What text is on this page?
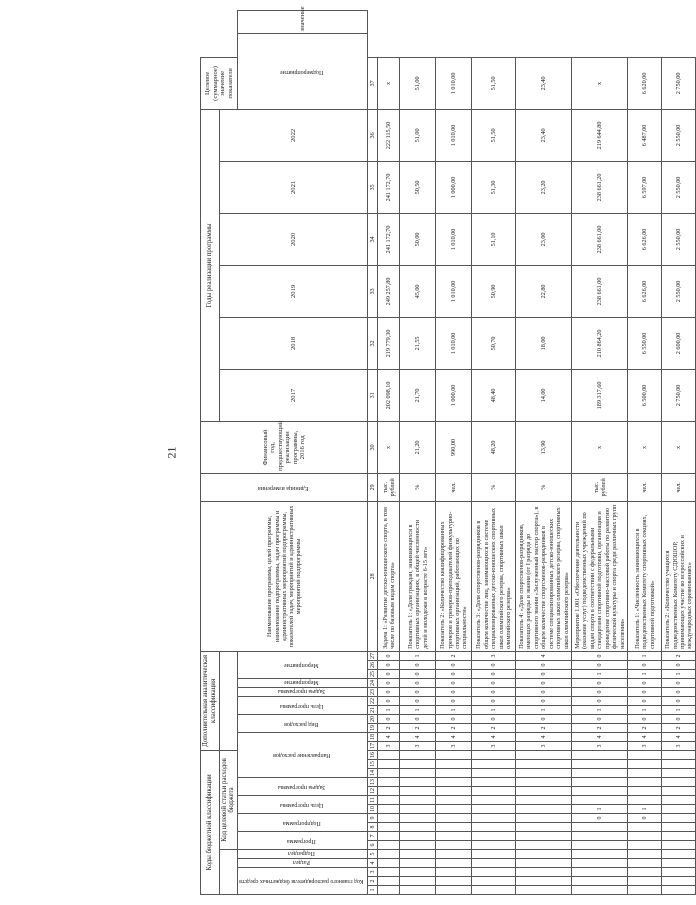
21
Коды бюджетной классификации																Дополнительная аналитическая классификация											Наименование программы, целей программы, наименование подпрограммы, задач программы и административных мероприятий подпрограммы, показателей задач, мероприятий и административных мероприятий подпрограммы	Единица измерения	Финансовый год, предшествующий реализации программы, 2016 год	Годы реализации программы						Целевое (суммарное) значение показателя	
					Код целевой статьи расходов бюджета																									2017	2018	2019	2020	2021	2022		
Код главного распорядителя бюджетных средств			Раздел	Подраздел	Программа		Подпрограмма		Цель программы		Задача программы		Направление расходов					Вид расходов		Цель программы		Задача программы	Мероприятие	Мероприятие												Подмероприятие	значение
1	2	3	4	5	6	7	8	9	10	11	12	13	14	15	16	17	18	19	20	21	22	23	24	25	26	27	28	29	30	31	32	33	34	35	36	37	
																3	4	2	0	1	0	0	0	0	0	0	Задача 1: «Развитие детско-юношеского спорта, в том числе по базовым видам спорта»	тыс. рублей	х	202 098,10	219 779,30	249 257,80	241 172,70	241 172,70	222 115,50	х	
																3	4	2	0	1	0	0	0	0	0	1	Показатель 1: «Доля граждан, занимающихся в спортивных организациях, в общей численности детей и молодежи в возрасте 6-15 лет»	%	21,20	21,70	21,55	45,00	50,00	50,50	51,00	51,00	
																3	4	2	0	1	0	0	0	0	0	2	Показатель 2: «Количество квалифицированных тренеров и тренеров-преподавателей физкультурно-спортивных организаций, работающих по специальности»	чел.	990,00	1 000,00	1 010,00	1 010,00	1 010,00	1 000,00	1 010,00	1 010,00	
																3	4	2	0	1	0	0	0	0	0	3	Показатель 3: «Доля спортсменов-разрядников в общем количестве лиц, занимающихся в системе специализированных детско-юношеских спортивных школ олимпийского резерва, спортивных школ олимпийского резерва»	%	48,20	48,40	50,70	50,90	51,10	51,30	51,50	51,50	
																3	4	2	0	1	0	0	0	0	0	4	Показатель 4: «Доля спортсменов-разрядников, имеющих разряды и звания (от I разряда до спортивного звания «Заслуженный мастер спорта»), в общем количестве спортсменов-разрядников в системе специализированных детско-юношеских спортивных школ олимпийского резерва, спортивных школ олимпийского резерва»	%	13,90	14,00	18,00	22,80	23,00	23,20	23,40	23,40	
								0	1							3	4	2	0	1	0	0	0	1	0	0	Мероприятие 1.001 «Обеспечение деятельности (оказание услуг) подведомственных учреждений по видам спорта в соответствии с федеральными стандартами спортивной подготовки, организация и проведение спортивно-массовой работы по развитию физической культуры и спорта среди различных групп населения»	тыс. рублей	х	189 317,60	210 864,20	238 661,00	238 661,00	238 661,20	219 644,80	х	
								0	1							3	4	2	0	1	0	0	0	1	0	1	Показатель 1: «Численность занимающихся в подведомственных Комитету спортивных секциях, спортивной подготовкой»	чел.	х	6 500,00	6 550,00	6 626,00	6 626,00	6 597,00	6 487,00	6 620,00	
																3	4	2	0	1	0	0	0	1	0	2	Показатель 2: «Количество учащихся подведомственных Комитету СДЮШОР, принимающих участие во всероссийских и международных соревнованиях»	чел.	х	2 750,00	2 600,00	2 550,00	2 550,00	2 550,00	2 550,00	2 750,00	
